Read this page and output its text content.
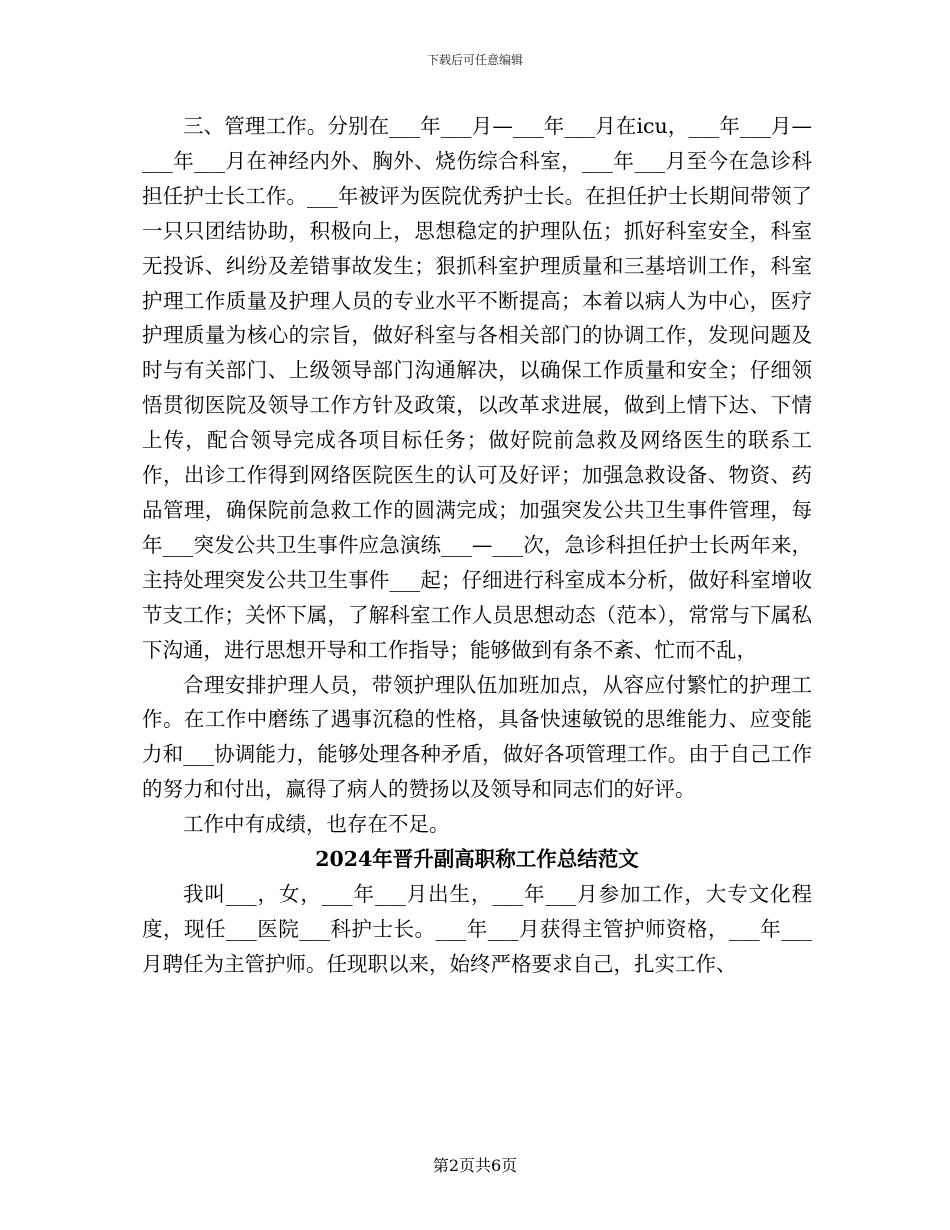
下载后可任意编辑

三、管理工作。分别在___年___月—___年___月在icu，___年___月—___年___月在神经内外、胸外、烧伤综合科室，___年___月至今在急诊科担任护士长工作。___年被评为医院优秀护士长。在担任护士长期间带领了一只只团结协助，积极向上，思想稳定的护理队伍；抓好科室安全，科室无投诉、纠纷及差错事故发生；狠抓科室护理质量和三基培训工作，科室护理工作质量及护理人员的专业水平不断提高；本着以病人为中心，医疗护理质量为核心的宗旨，做好科室与各相关部门的协调工作，发现问题及时与有关部门、上级领导部门沟通解决，以确保工作质量和安全；仔细领悟贯彻医院及领导工作方针及政策，以改革求进展，做到上情下达、下情上传，配合领导完成各项目标任务；做好院前急救及网络医生的联系工作，出诊工作得到网络医院医生的认可及好评；加强急救设备、物资、药品管理，确保院前急救工作的圆满完成；加强突发公共卫生事件管理，每年___突发公共卫生事件应急演练___—___次，急诊科担任护士长两年来，主持处理突发公共卫生事件___起；仔细进行科室成本分析，做好科室增收节支工作；关怀下属，了解科室工作人员思想动态（范本），常常与下属私下沟通，进行思想开导和工作指导；能够做到有条不紊、忙而不乱，

合理安排护理人员，带领护理队伍加班加点，从容应付繁忙的护理工作。在工作中磨练了遇事沉稳的性格，具备快速敏锐的思维能力、应变能力和___协调能力，能够处理各种矛盾，做好各项管理工作。由于自己工作的努力和付出，赢得了病人的赞扬以及领导和同志们的好评。

工作中有成绩，也存在不足。

2024年晋升副高职称工作总结范文

我叫___，女，___年___月出生，___年___月参加工作，大专文化程度，现任___医院___科护士长。___年___月获得主管护师资格，___年___月聘任为主管护师。任现职以来，始终严格要求自己，扎实工作、

第2页共6页
